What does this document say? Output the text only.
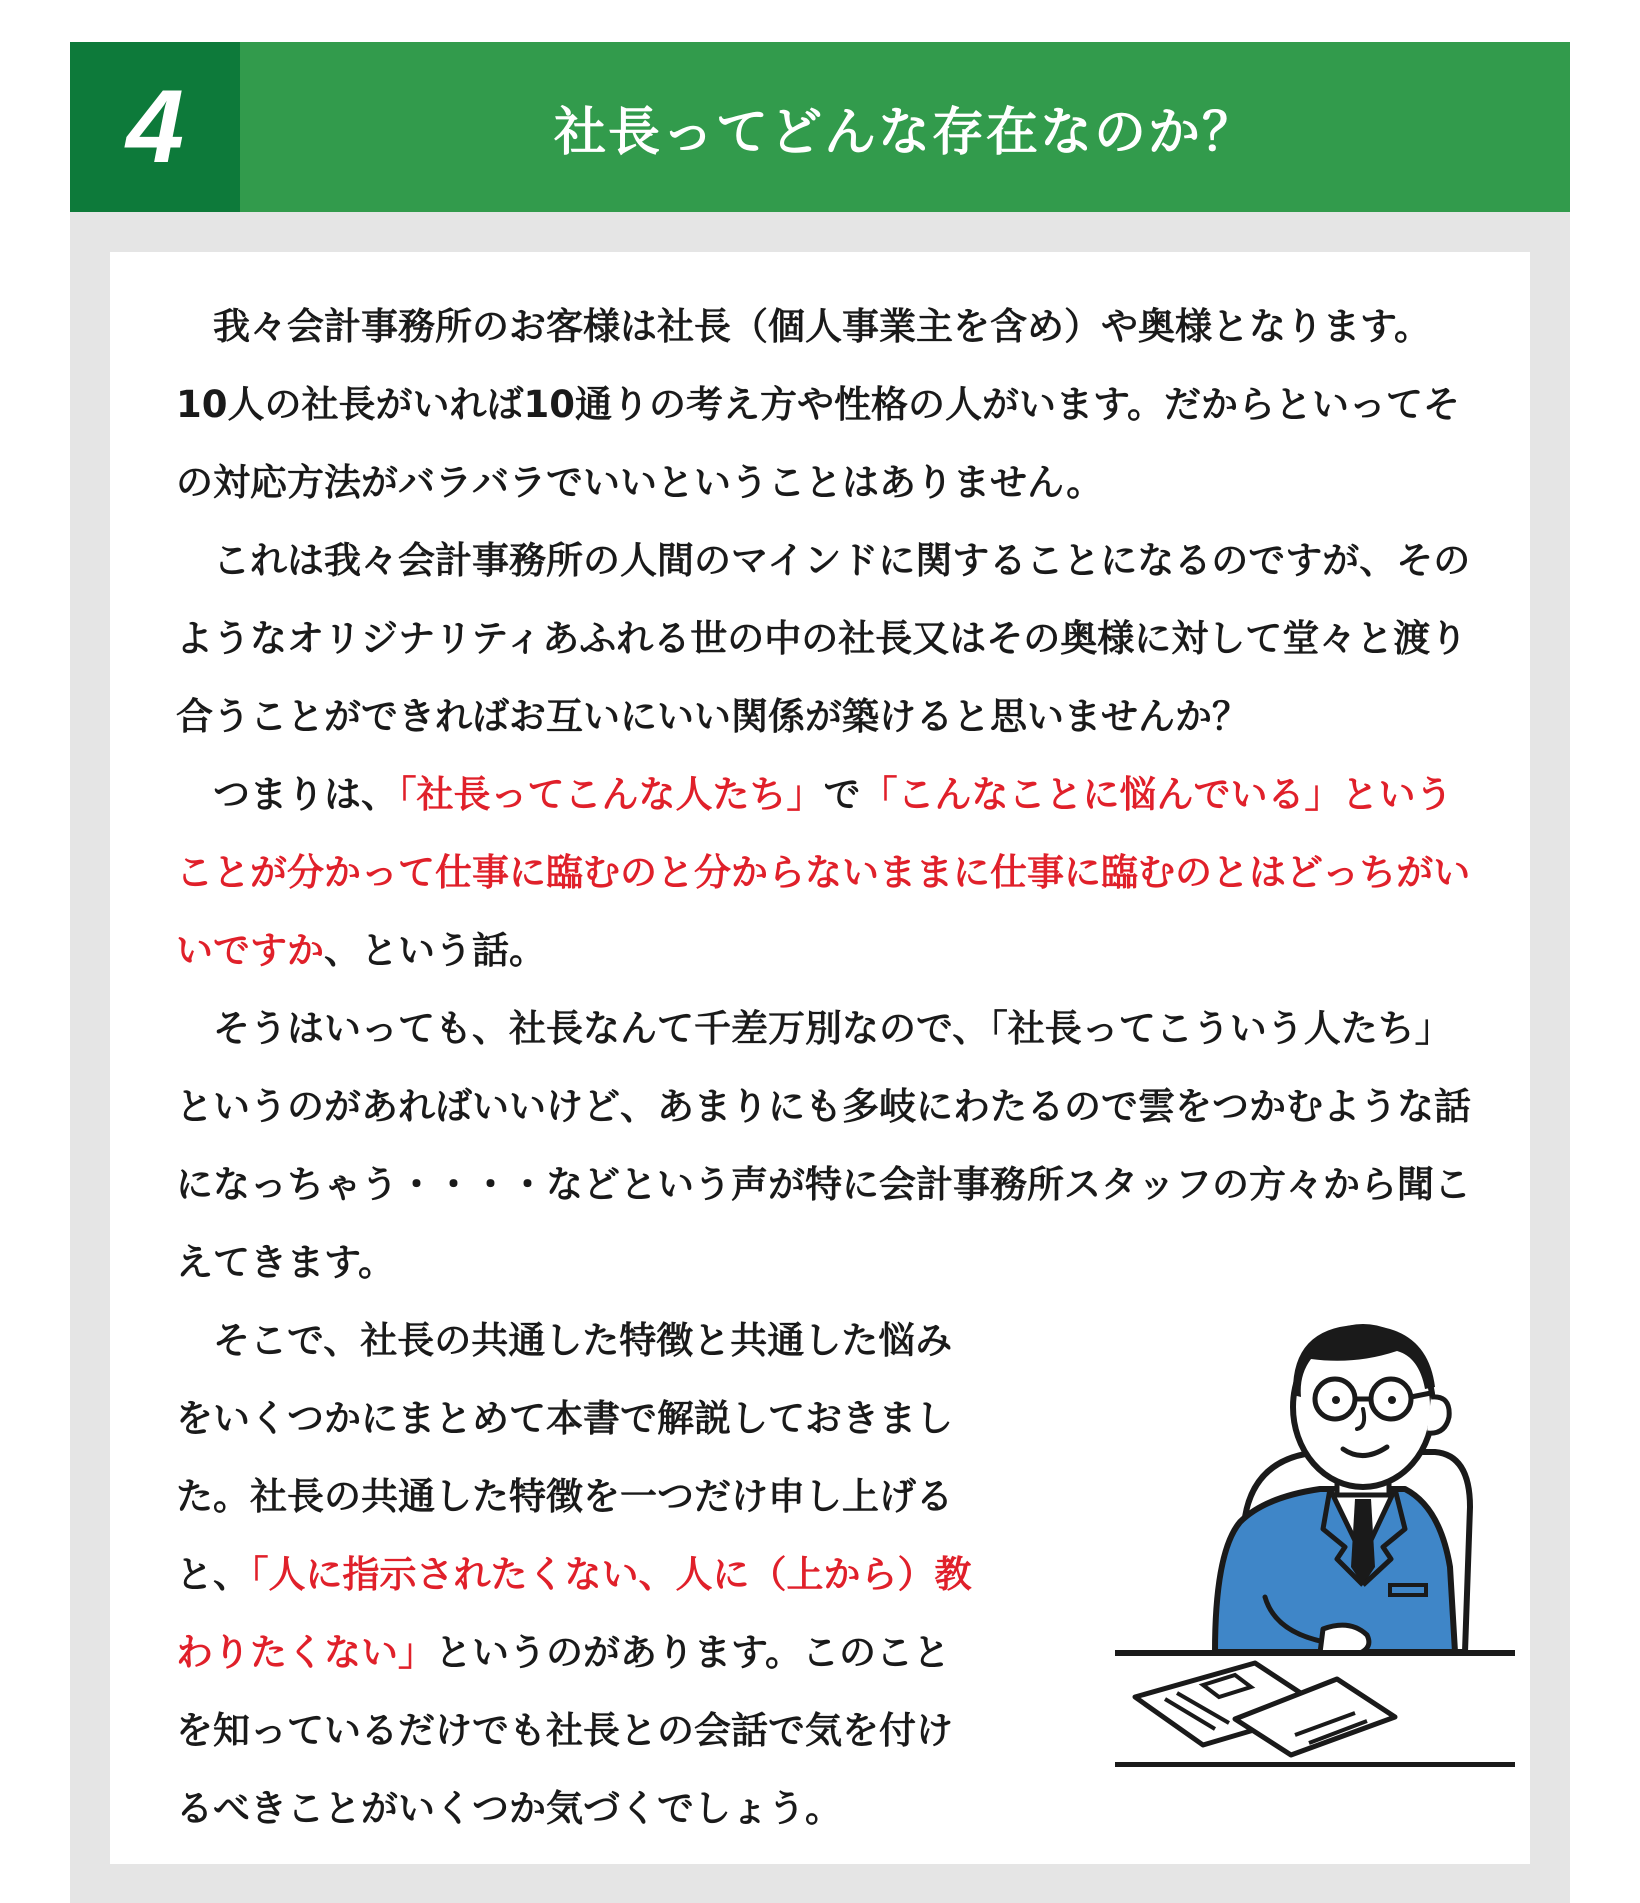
4	社長ってどんな存在なのか？

我々会計事務所のお客様は社長（個人事業主を含め）や奥様となります。10人の社長がいれば10通りの考え方や性格の人がいます。だからといってその対応方法がバラバラでいいということはありません。

これは我々会計事務所の人間のマインドに関することになるのですが、そのようなオリジナリティあふれる世の中の社長又はその奥様に対して堂々と渡り合うことができればお互いにいい関係が築けると思いませんか？

つまりは、「社長ってこんな人たち」で「こんなことに悩んでいる」ということが分かって仕事に臨むのと分からないままに仕事に臨むのとはどっちがいいですか、という話。

そうはいっても、社長なんて千差万別なので、「社長ってこういう人たち」というのがあればいいけど、あまりにも多岐にわたるので雲をつかむような話になっちゃう・・・・などという声が特に会計事務所スタッフの方々から聞こえてきます。

そこで、社長の共通した特徴と共通した悩みをいくつかにまとめて本書で解説しておきました。社長の共通した特徴を一つだけ申し上げると、「人に指示されたくない、人に（上から）教わりたくない」というのがあります。このことを知っているだけでも社長との会話で気を付けるべきことがいくつか気づくでしょう。
